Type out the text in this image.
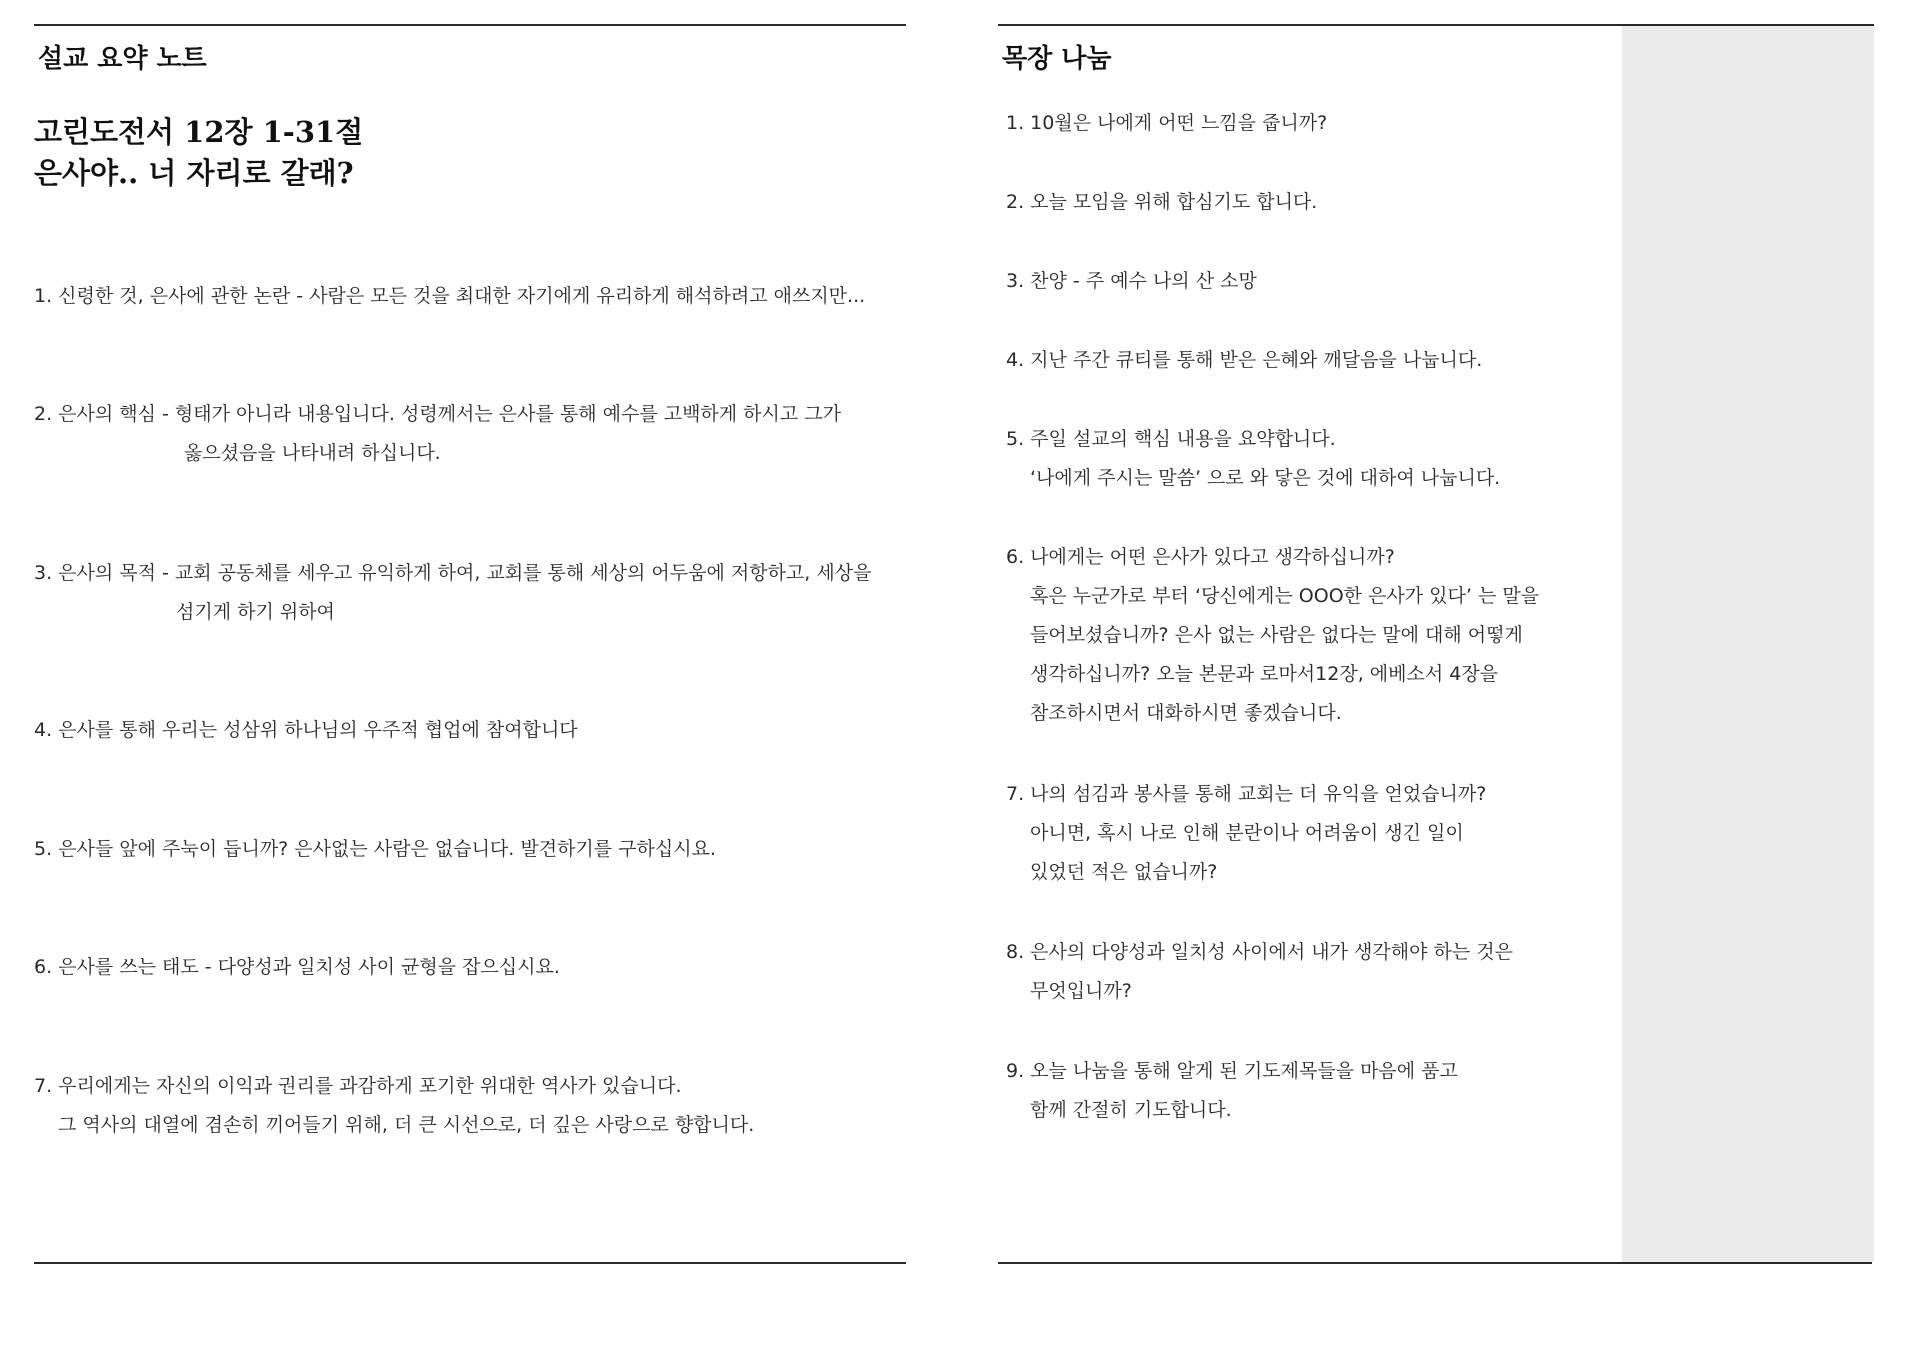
설교 요약 노트
고린도전서 12장 1-31절
은사야.. 너 자리로 갈래?
1. 신령한 것, 은사에 관한 논란 - 사람은 모든 것을 최대한 자기에게 유리하게 해석하려고 애쓰지만...
2. 은사의 핵심 - 형태가 아니라 내용입니다. 성령께서는 은사를 통해 예수를 고백하게 하시고 그가
옳으셨음을 나타내려 하십니다.
3. 은사의 목적 - 교회 공동체를 세우고 유익하게 하여, 교회를 통해 세상의 어두움에 저항하고, 세상을
섬기게 하기 위하여
4. 은사를 통해 우리는 성삼위 하나님의 우주적 협업에 참여합니다
5. 은사들 앞에 주눅이 듭니까? 은사없는 사람은 없습니다. 발견하기를 구하십시요.
6. 은사를 쓰는 태도 - 다양성과 일치성 사이 균형을 잡으십시요.
7. 우리에게는 자신의 이익과 권리를 과감하게 포기한 위대한 역사가 있습니다.
그 역사의 대열에 겸손히 끼어들기 위해, 더 큰 시선으로, 더 깊은 사랑으로 향합니다.
목장 나눔
1. 10월은 나에게 어떤 느낌을 줍니까?
2. 오늘 모임을 위해 합심기도 합니다.
3. 찬양 - 주 예수 나의 산 소망
4. 지난 주간 큐티를 통해 받은 은혜와 깨달음을 나눕니다.
5. 주일 설교의 핵심 내용을 요약합니다.
‘나에게 주시는 말씀’ 으로 와 닿은 것에 대하여 나눕니다.
6. 나에게는 어떤 은사가 있다고 생각하십니까?
혹은 누군가로 부터 ‘당신에게는 OOO한 은사가 있다’ 는 말을
들어보셨습니까? 은사 없는 사람은 없다는 말에 대해 어떻게
생각하십니까? 오늘 본문과 로마서12장, 에베소서 4장을
참조하시면서 대화하시면 좋겠습니다.
7. 나의 섬김과 봉사를 통해 교회는 더 유익을 얻었습니까?
아니면, 혹시 나로 인해 분란이나 어려움이 생긴 일이
있었던 적은 없습니까?
8. 은사의 다양성과 일치성 사이에서 내가 생각해야 하는 것은
무엇입니까?
9. 오늘 나눔을 통해 알게 된 기도제목들을 마음에 품고
함께 간절히 기도합니다.
